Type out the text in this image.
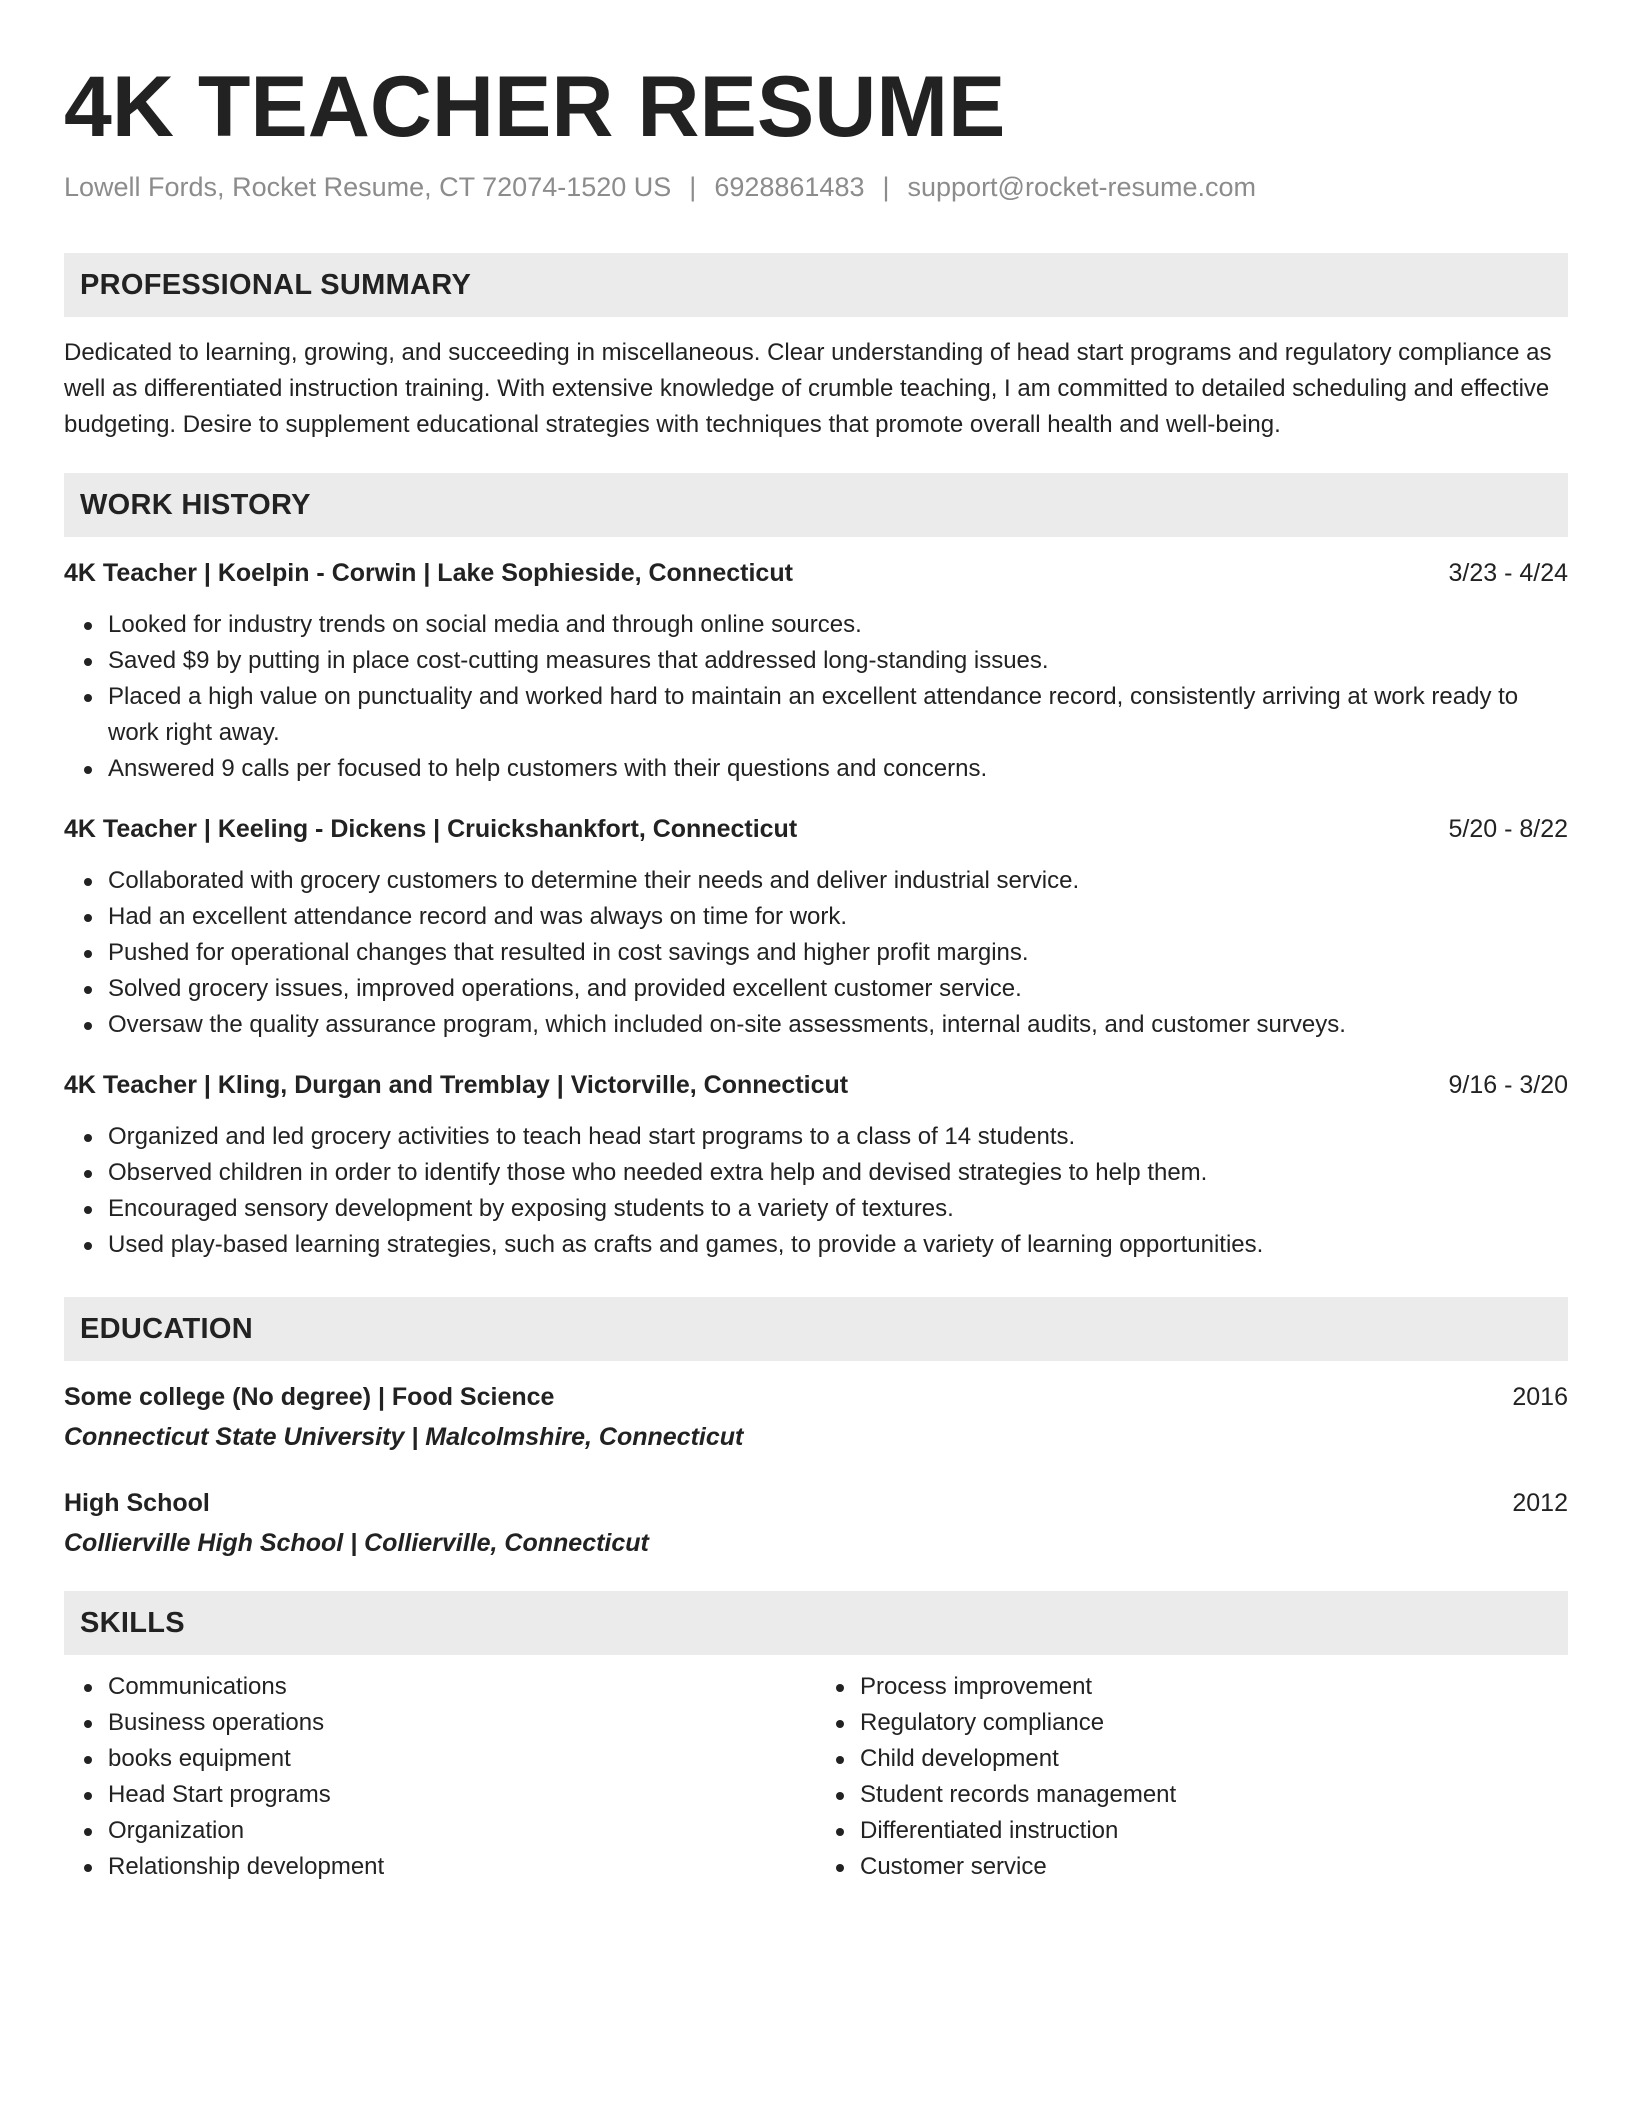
4K TEACHER RESUME
Lowell Fords, Rocket Resume, CT 72074-1520 US | 6928861483 | support@rocket-resume.com
PROFESSIONAL SUMMARY

Dedicated to learning, growing, and succeeding in miscellaneous. Clear understanding of head start programs and regulatory compliance as well as differentiated instruction training. With extensive knowledge of crumble teaching, I am committed to detailed scheduling and effective budgeting. Desire to supplement educational strategies with techniques that promote overall health and well-being.

WORK HISTORY
4K Teacher | Koelpin - Corwin | Lake Sophieside, Connecticut	3/23 - 4/24
Looked for industry trends on social media and through online sources.
Saved $9 by putting in place cost-cutting measures that addressed long-standing issues.
Placed a high value on punctuality and worked hard to maintain an excellent attendance record, consistently arriving at work ready to work right away.
Answered 9 calls per focused to help customers with their questions and concerns.
4K Teacher | Keeling - Dickens | Cruickshankfort, Connecticut	5/20 - 8/22
Collaborated with grocery customers to determine their needs and deliver industrial service.
Had an excellent attendance record and was always on time for work.
Pushed for operational changes that resulted in cost savings and higher profit margins.
Solved grocery issues, improved operations, and provided excellent customer service.
Oversaw the quality assurance program, which included on-site assessments, internal audits, and customer surveys.
4K Teacher | Kling, Durgan and Tremblay | Victorville, Connecticut	9/16 - 3/20
Organized and led grocery activities to teach head start programs to a class of 14 students.
Observed children in order to identify those who needed extra help and devised strategies to help them.
Encouraged sensory development by exposing students to a variety of textures.
Used play-based learning strategies, such as crafts and games, to provide a variety of learning opportunities.
EDUCATION
Some college (No degree) | Food Science	2016
Connecticut State University | Malcolmshire, Connecticut
High School	2012
Collierville High School | Collierville, Connecticut
SKILLS
Communications
Business operations
books equipment
Head Start programs
Organization
Relationship development
Process improvement
Regulatory compliance
Child development
Student records management
Differentiated instruction
Customer service
